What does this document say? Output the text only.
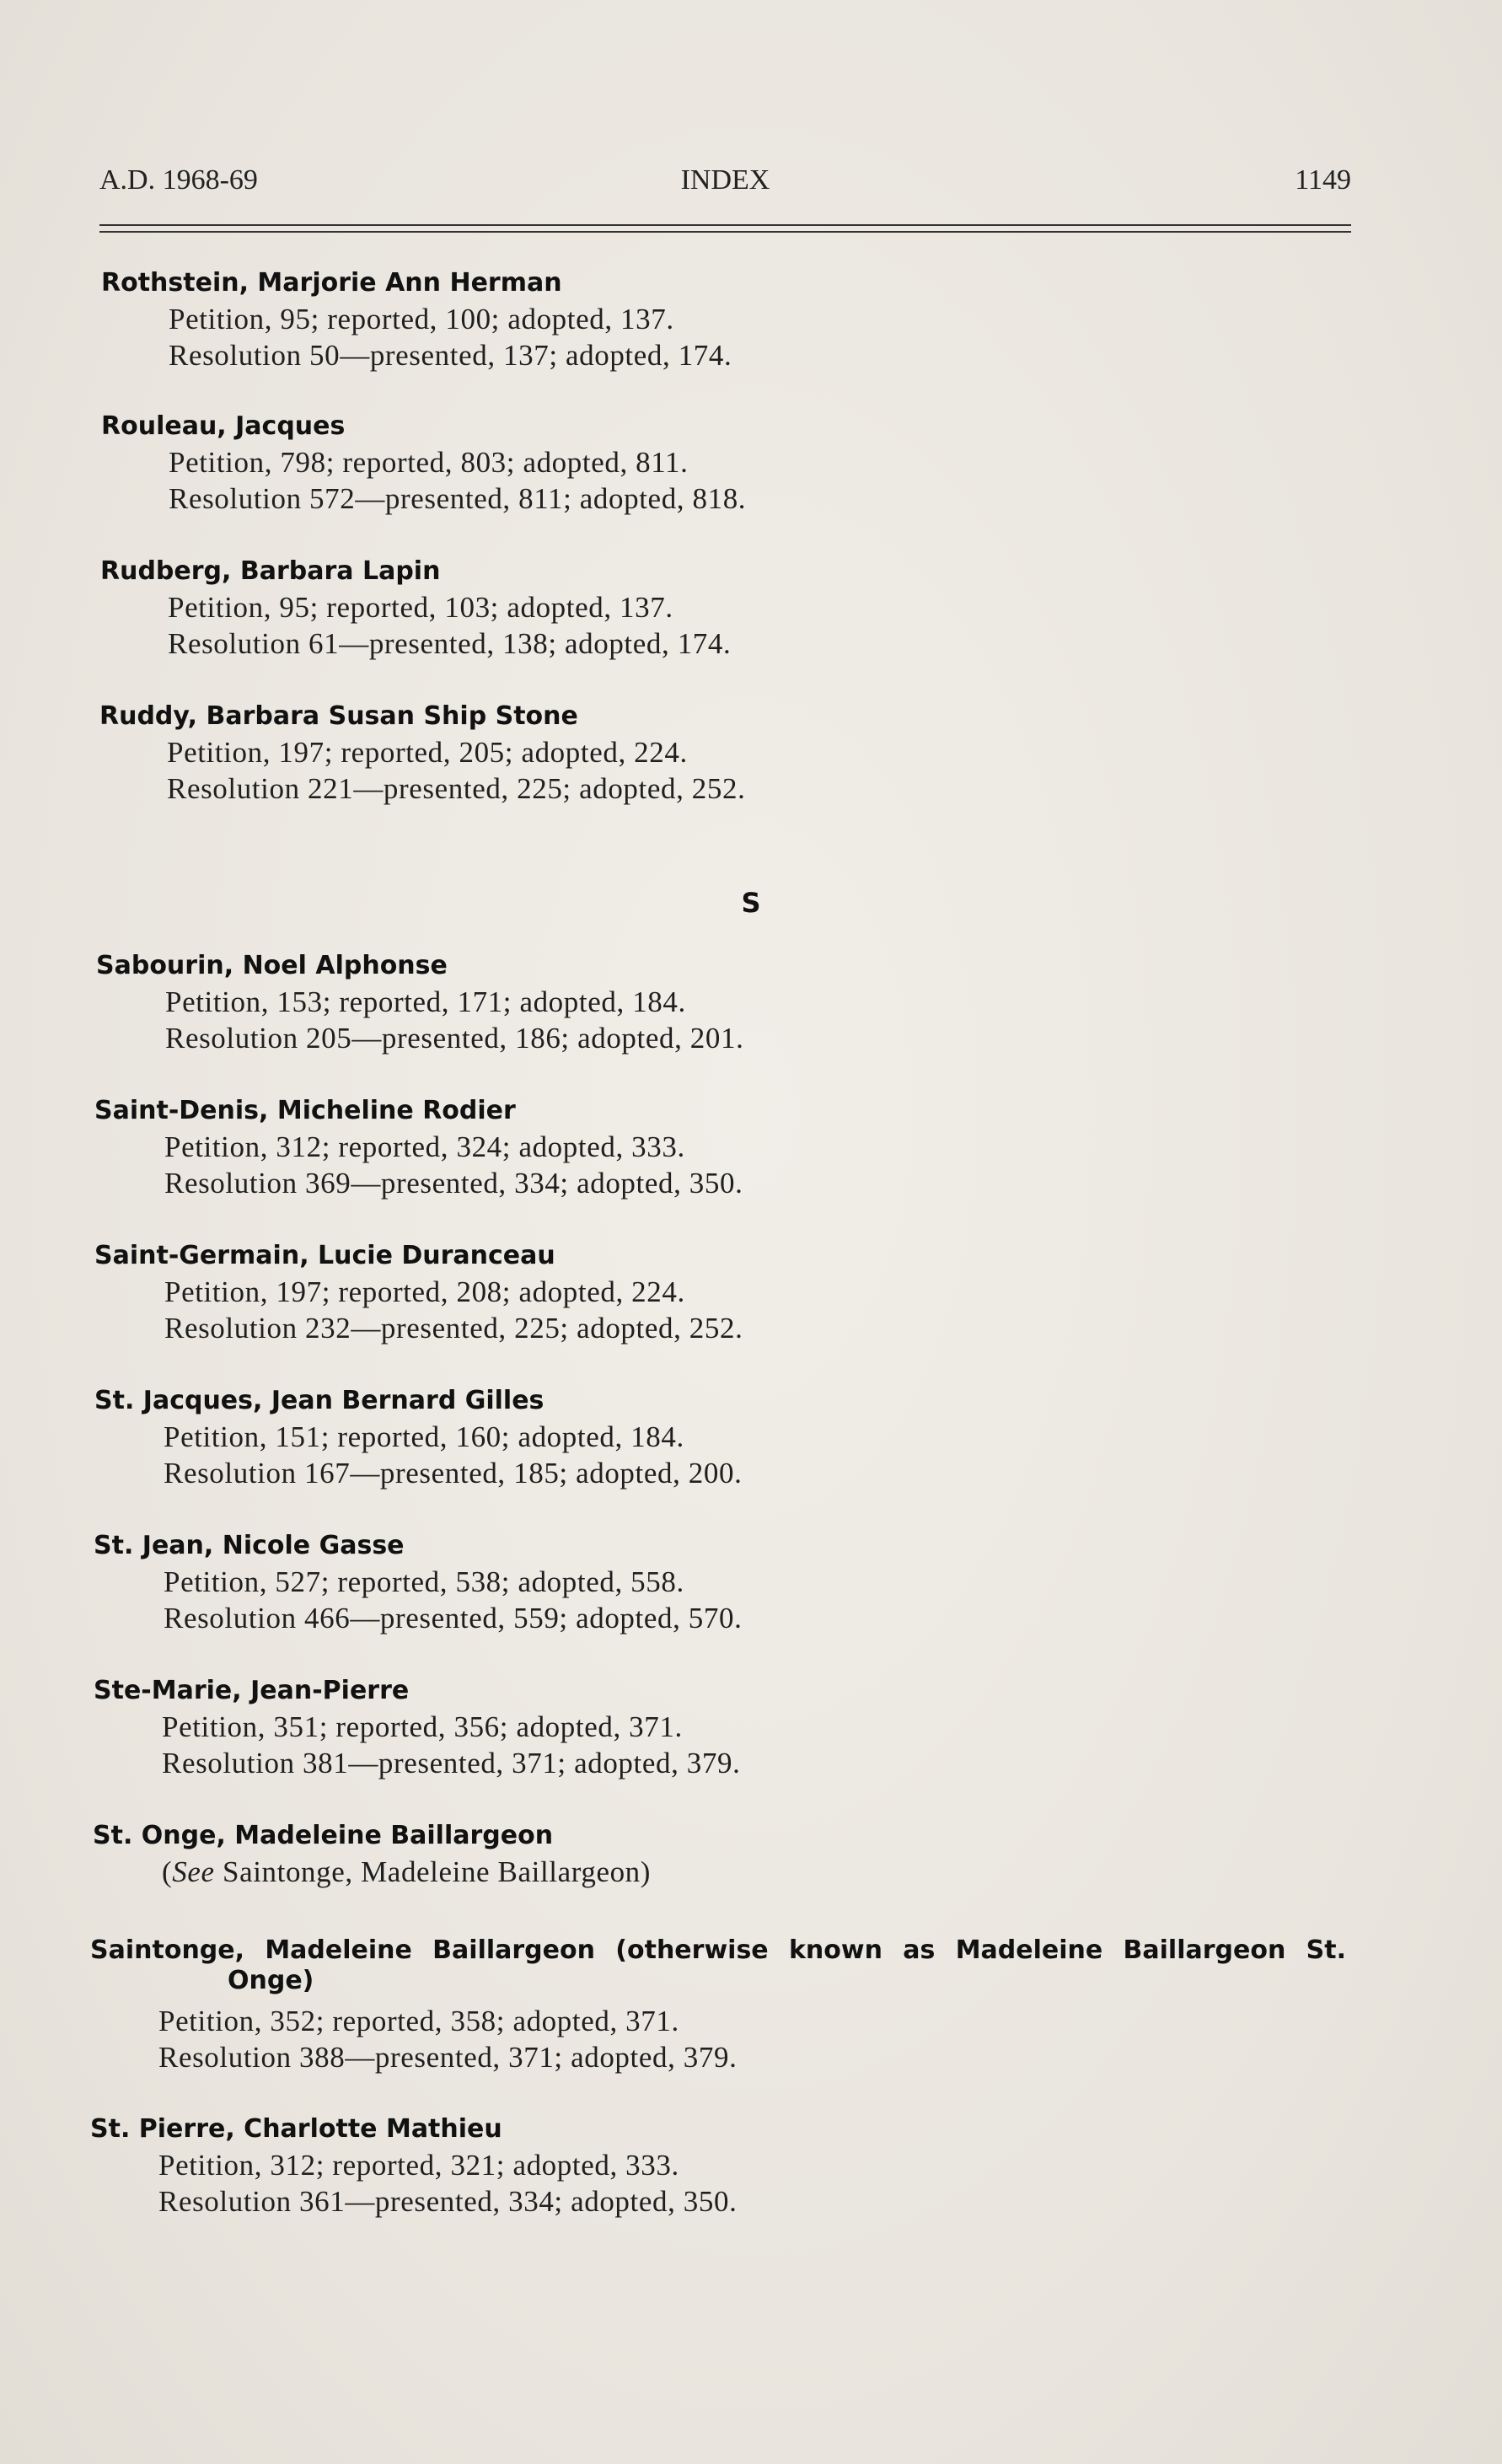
A.D. 1968-69	INDEX	1149
Rothstein, Marjorie Ann Herman
Petition, 95; reported, 100; adopted, 137.
Resolution 50—presented, 137; adopted, 174.
Rouleau, Jacques
Petition, 798; reported, 803; adopted, 811.
Resolution 572—presented, 811; adopted, 818.
Rudberg, Barbara Lapin
Petition, 95; reported, 103; adopted, 137.
Resolution 61—presented, 138; adopted, 174.
Ruddy, Barbara Susan Ship Stone
Petition, 197; reported, 205; adopted, 224.
Resolution 221—presented, 225; adopted, 252.
S
Sabourin, Noel Alphonse
Petition, 153; reported, 171; adopted, 184.
Resolution 205—presented, 186; adopted, 201.
Saint-Denis, Micheline Rodier
Petition, 312; reported, 324; adopted, 333.
Resolution 369—presented, 334; adopted, 350.
Saint-Germain, Lucie Duranceau
Petition, 197; reported, 208; adopted, 224.
Resolution 232—presented, 225; adopted, 252.
St. Jacques, Jean Bernard Gilles
Petition, 151; reported, 160; adopted, 184.
Resolution 167—presented, 185; adopted, 200.
St. Jean, Nicole Gasse
Petition, 527; reported, 538; adopted, 558.
Resolution 466—presented, 559; adopted, 570.
Ste-Marie, Jean-Pierre
Petition, 351; reported, 356; adopted, 371.
Resolution 381—presented, 371; adopted, 379.
St. Onge, Madeleine Baillargeon
(See Saintonge, Madeleine Baillargeon)
Saintonge, Madeleine Baillargeon (otherwise known as Madeleine Baillargeon St.
Onge)
Petition, 352; reported, 358; adopted, 371.
Resolution 388—presented, 371; adopted, 379.
St. Pierre, Charlotte Mathieu
Petition, 312; reported, 321; adopted, 333.
Resolution 361—presented, 334; adopted, 350.
